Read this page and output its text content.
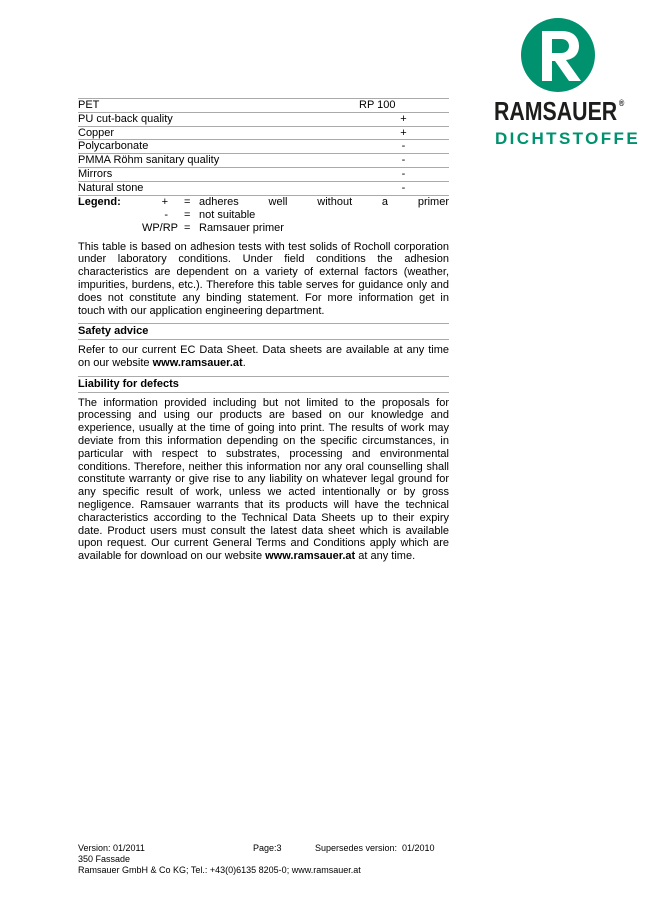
RAMSAUER ®
DICHTSTOFFE
PET	RP 100
PU cut-back quality	+
Copper	+
Polycarbonate	-
PMMA Röhm sanitary quality	-
Mirrors	-
Natural stone	-
Legend:	+ = adheres	well	without	a	primer
- = not suitable
WP/RP = Ramsauer primer

This table is based on adhesion tests with test solids of Rocholl corporation under laboratory conditions. Under field conditions the adhesion characteristics are dependent on a variety of external factors (weather, impurities, burdens, etc.). Therefore this table serves for guidance only and does not constitute any binding statement. For more information get in touch with our application engineering department.

Safety advice

Refer to our current EC Data Sheet. Data sheets are available at any time on our website www.ramsauer.at.

Liability for defects

The information provided including but not limited to the proposals for processing and using our products are based on our knowledge and experience, usually at the time of going into print. The results of work may deviate from this information depending on the specific circumstances, in particular with respect to substrates, processing and environmental conditions. Therefore, neither this information nor any oral counselling shall constitute warranty or give rise to any liability on whatever legal ground for any specific result of work, unless we acted intentionally or by gross negligence. Ramsauer warrants that its products will have the technical characteristics according to the Technical Data Sheets up to their expiry date. Product users must consult the latest data sheet which is available upon request. Our current General Terms and Conditions apply which are available for download on our website www.ramsauer.at at any time.

Version: 01/2011	Page:3	Supersedes version: 01/2010
350 Fassade
Ramsauer GmbH & Co KG; Tel.: +43(0)6135 8205-0; www.ramsauer.at
